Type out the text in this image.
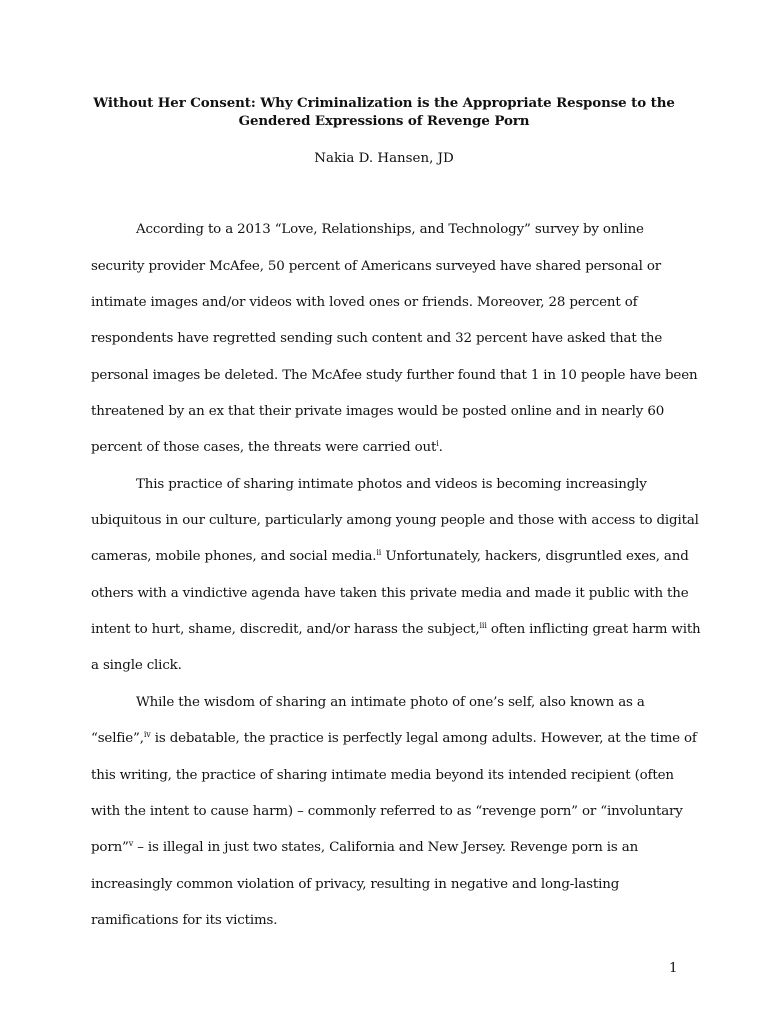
Without Her Consent: Why Criminalization is the Appropriate Response to the
Gendered Expressions of Revenge Porn
Nakia D. Hansen, JD
According to a 2013 “Love, Relationships, and Technology” survey by online
security provider McAfee, 50 percent of Americans surveyed have shared personal or
intimate images and/or videos with loved ones or friends. Moreover, 28 percent of
respondents have regretted sending such content and 32 percent have asked that the
personal images be deleted. The McAfee study further found that 1 in 10 people have been
threatened by an ex that their private images would be posted online and in nearly 60
percent of those cases, the threats were carried out$^i$.
This practice of sharing intimate photos and videos is becoming increasingly
ubiquitous in our culture, particularly among young people and those with access to digital
cameras, mobile phones, and social media.$^{ii}$ Unfortunately, hackers, disgruntled exes, and
others with a vindictive agenda have taken this private media and made it public with the
intent to hurt, shame, discredit, and/or harass the subject,$^{iii}$ often inflicting great harm with
a single click.
While the wisdom of sharing an intimate photo of one’s self, also known as a
“selfie”,$^{iv}$ is debatable, the practice is perfectly legal among adults. However, at the time of
this writing, the practice of sharing intimate media beyond its intended recipient (often
with the intent to cause harm) – commonly referred to as “revenge porn” or “involuntary
porn”$^v$ – is illegal in just two states, California and New Jersey. Revenge porn is an
increasingly common violation of privacy, resulting in negative and long-lasting
ramifications for its victims.
1
